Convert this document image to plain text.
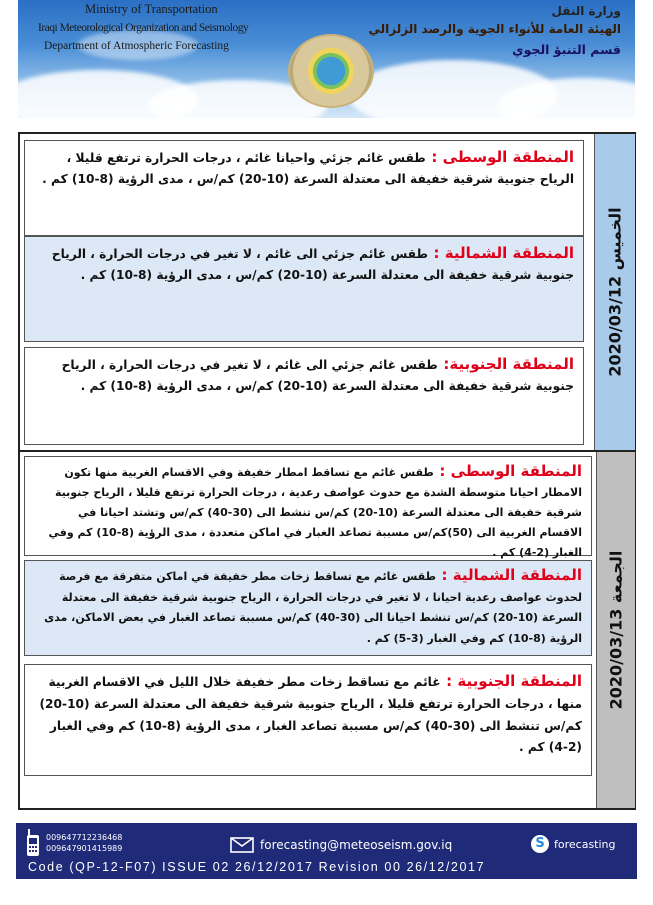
Ministry of Transportation
Iraqi Meteorological Organization and Seismology
Department of Atmospheric Forecasting
وزارة النقل
الهيئة العامة للأنواء الجوية والرصد الزلزالي
قسم التنبؤ الجوي
المنطقة الوسطى : طقس غائم جزئي واحيانا غائم ، درجات الحرارة ترتفع قليلا ، الرياح جنوبية شرقية خفيفة الى معتدلة السرعة (10-20) كم/س ، مدى الرؤية (8-10) كم .
المنطقة الشمالية : طقس غائم جزئي الى غائم ، لا تغير في درجات الحرارة ، الرياح جنوبية شرقية خفيفة الى معتدلة السرعة (10-20) كم/س ، مدى الرؤية (8-10) كم .
المنطقة الجنوبية: طقس غائم جزئي الى غائم ، لا تغير في درجات الحرارة ، الرياح جنوبية شرقية خفيفة الى معتدلة السرعة (10-20) كم/س ، مدى الرؤية (8-10) كم .
الخميس 2020/03/12
المنطقة الوسطى : طقس غائم مع تساقط امطار خفيفة وفي الاقسام الغربية منها تكون الامطار احيانا متوسطة الشدة مع حدوث عواصف رعدية ، درجات الحرارة ترتفع قليلا ، الرياح جنوبية شرقية خفيفة الى معتدلة السرعة (10-20) كم/س تنشط الى (30-40) كم/س وتشتد احيانا في الاقسام الغربية الى (50)كم/س مسببة تصاعد الغبار في اماكن متعددة ، مدى الرؤية (8-10) كم وفي الغبار (2-4) كم .
المنطقة الشمالية : طقس غائم مع تساقط زخات مطر خفيفة في اماكن متفرقة مع فرصة لحدوث عواصف رعدية احيانا ، لا تغير في درجات الحرارة ، الرياح جنوبية شرقية خفيفة الى معتدلة السرعة (10-20) كم/س تنشط احيانا الى (30-40) كم/س مسببة تصاعد الغبار في بعض الاماكن، مدى الرؤية (8-10) كم وفي الغبار (3-5) كم .
المنطقة الجنوبية : غائم مع تساقط زخات مطر خفيفة خلال الليل في الاقسام الغربية منها ، درجات الحرارة ترتفع قليلا ، الرياح جنوبية شرقية خفيفة الى معتدلة السرعة (10-20) كم/س تنشط الى (30-40) كم/س مسببة تصاعد الغبار ، مدى الرؤية (8-10) كم وفي الغبار (2-4) كم .
الجمعة 2020/03/13
009647712236468
009647901415989	forecasting@meteoseism.gov.iq	S forecasting
Code (QP-12-F07) ISSUE 02 26/12/2017 Revision 00 26/12/2017
